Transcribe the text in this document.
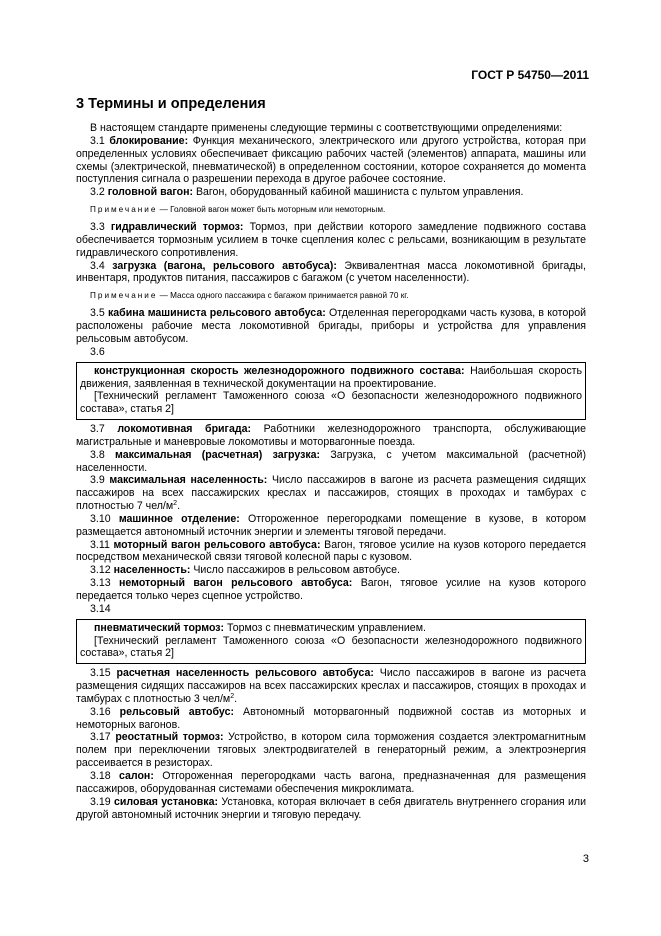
ГОСТ Р 54750—2011
3 Термины и определения

В настоящем стандарте применены следующие термины с соответствующими определениями:

3.1 блокирование: Функция механического, электрического или другого устройства, которая при определенных условиях обеспечивает фиксацию рабочих частей (элементов) аппарата, машины или схемы (электрической, пневматической) в определенном состоянии, которое сохраняется до момента поступления сигнала о разрешении перехода в другое рабочее состояние.

3.2 головной вагон: Вагон, оборудованный кабиной машиниста с пультом управления.

Примечание — Головной вагон может быть моторным или немоторным.

3.3 гидравлический тормоз: Тормоз, при действии которого замедление подвижного состава обеспечивается тормозным усилием в точке сцепления колес с рельсами, возникающим в результате гидравлического сопротивления.

3.4 загрузка (вагона, рельсового автобуса): Эквивалентная масса локомотивной бригады, инвентаря, продуктов питания, пассажиров с багажом (с учетом населенности).

Примечание — Масса одного пассажира с багажом принимается равной 70 кг.

3.5 кабина машиниста рельсового автобуса: Отделенная перегородками часть кузова, в которой расположены рабочие места локомотивной бригады, приборы и устройства для управления рельсовым автобусом.

3.6

конструкционная скорость железнодорожного подвижного состава: Наибольшая скорость движения, заявленная в технической документации на проектирование.

[Технический регламент Таможенного союза «О безопасности железнодорожного подвижного состава», статья 2]

3.7 локомотивная бригада: Работники железнодорожного транспорта, обслуживающие магистральные и маневровые локомотивы и моторвагонные поезда.

3.8 максимальная (расчетная) загрузка: Загрузка, с учетом максимальной (расчетной) населенности.

3.9 максимальная населенность: Число пассажиров в вагоне из расчета размещения сидящих пассажиров на всех пассажирских креслах и пассажиров, стоящих в проходах и тамбурах с плотностью 7 чел/$м^2$.

3.10 машинное отделение: Отгороженное перегородками помещение в кузове, в котором размещается автономный источник энергии и элементы тяговой передачи.

3.11 моторный вагон рельсового автобуса: Вагон, тяговое усилие на кузов которого передается посредством механической связи тяговой колесной пары с кузовом.

3.12 населенность: Число пассажиров в рельсовом автобусе.

3.13 немоторный вагон рельсового автобуса: Вагон, тяговое усилие на кузов которого передается только через сцепное устройство.

3.14

пневматический тормоз: Тормоз с пневматическим управлением.

[Технический регламент Таможенного союза «О безопасности железнодорожного подвижного состава», статья 2]

3.15 расчетная населенность рельсового автобуса: Число пассажиров в вагоне из расчета размещения сидящих пассажиров на всех пассажирских креслах и пассажиров, стоящих в проходах и тамбурах с плотностью 3 чел/$м^2$.

3.16 рельсовый автобус: Автономный моторвагонный подвижной состав из моторных и немоторных вагонов.

3.17 реостатный тормоз: Устройство, в котором сила торможения создается электромагнитным полем при переключении тяговых электродвигателей в генераторный режим, а электроэнергия рассеивается в резисторах.

3.18 салон: Отгороженная перегородками часть вагона, предназначенная для размещения пассажиров, оборудованная системами обеспечения микроклимата.

3.19 силовая установка: Установка, которая включает в себя двигатель внутреннего сгорания или другой автономный источник энергии и тяговую передачу.

3
